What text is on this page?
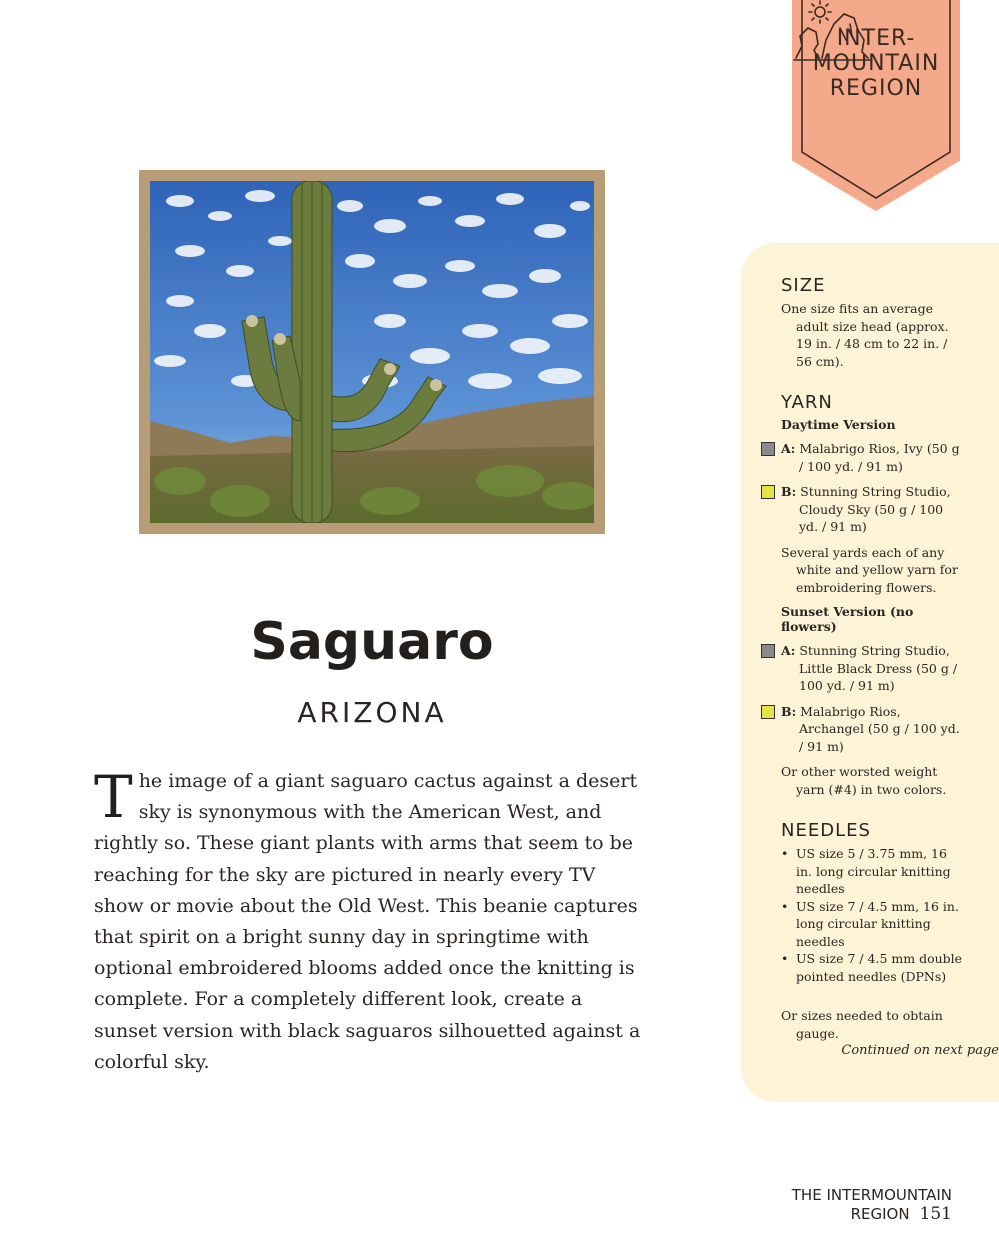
INTER-
MOUNTAIN
REGION
Saguaro
ARIZONA
The image of a giant saguaro cactus against a desert sky is synonymous with the American West, and rightly so. These giant plants with arms that seem to be reaching for the sky are pictured in nearly every TV show or movie about the Old West. This beanie captures that spirit on a bright sunny day in springtime with optional embroidered blooms added once the knitting is complete. For a completely different look, create a sunset version with black saguaros silhouetted against a colorful sky.
SIZE

One size fits an average adult size head (approx. 19 in. / 48 cm to 22 in. / 56 cm).

YARN
Daytime Version
A: Malabrigo Rios, Ivy (50 g / 100 yd. / 91 m)
B: Stunning String Studio, Cloudy Sky (50 g / 100 yd. / 91 m)

Several yards each of any white and yellow yarn for embroidering flowers.

Sunset Version (no flowers)
A: Stunning String Studio, Little Black Dress (50 g / 100 yd. / 91 m)
B: Malabrigo Rios, Archangel (50 g / 100 yd. / 91 m)

Or other worsted weight yarn (#4) in two colors.

NEEDLES
• US size 5 / 3.75 mm, 16 in. long circular knitting needles
• US size 7 / 4.5 mm, 16 in. long circular knitting needles
• US size 7 / 4.5 mm double pointed needles (DPNs)

Or sizes needed to obtain gauge.

Continued on next page
THE INTERMOUNTAIN REGION 151
